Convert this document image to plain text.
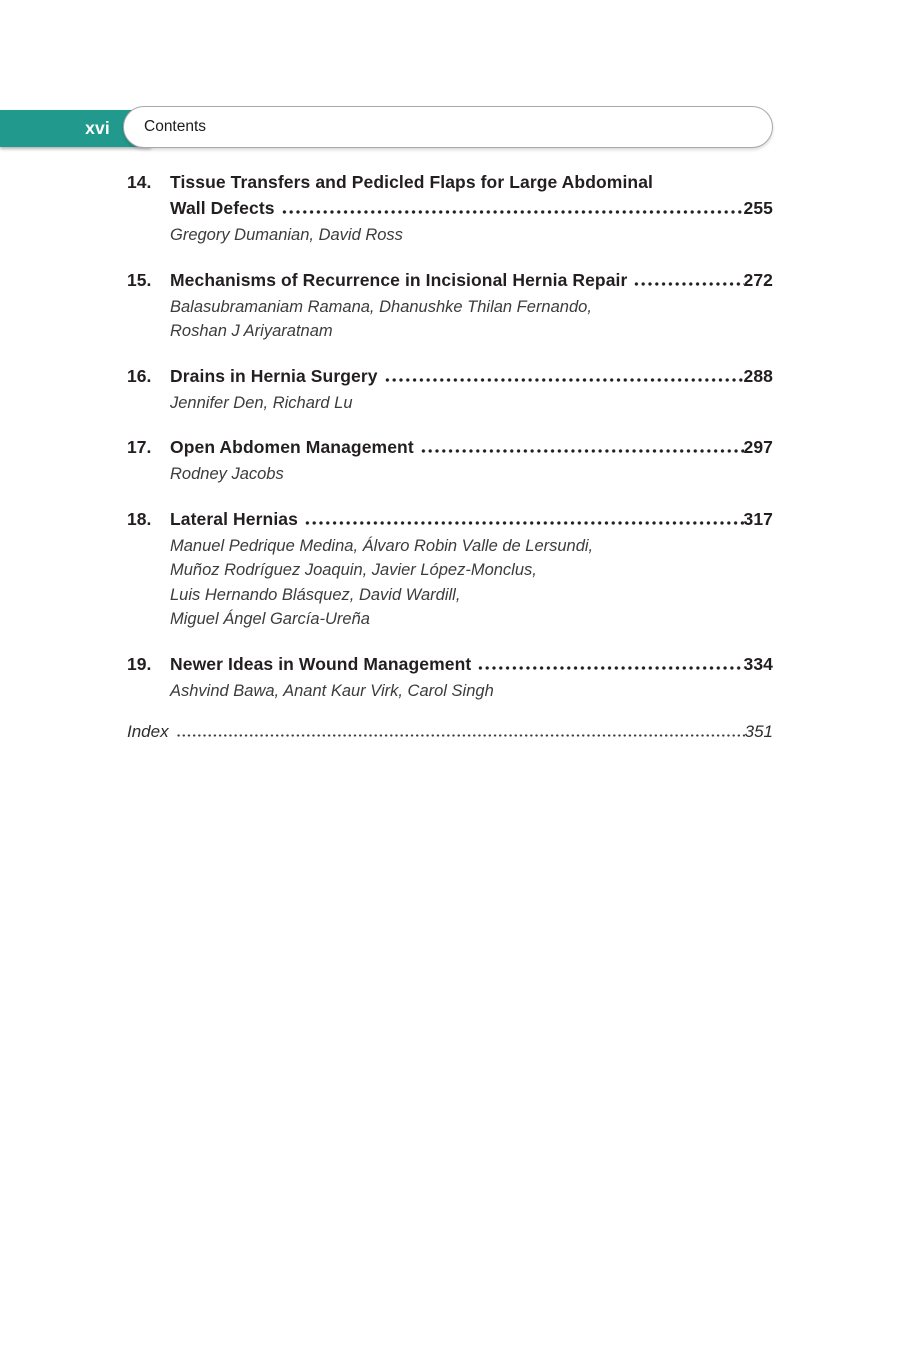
xvi Contents
14.	Tissue Transfers and Pedicled Flaps for Large Abdominal
Wall Defects	255
Gregory Dumanian, David Ross
15.	Mechanisms of Recurrence in Incisional Hernia Repair	272
Balasubramaniam Ramana, Dhanushke Thilan Fernando,
Roshan J Ariyaratnam
16.	Drains in Hernia Surgery	288
Jennifer Den, Richard Lu
17.	Open Abdomen Management	297
Rodney Jacobs
18.	Lateral Hernias	317
Manuel Pedrique Medina, Álvaro Robin Valle de Lersundi,
Muñoz Rodríguez Joaquin, Javier López-Monclus,
Luis Hernando Blásquez, David Wardill,
Miguel Ángel García-Ureña
19.	Newer Ideas in Wound Management	334
Ashvind Bawa, Anant Kaur Virk, Carol Singh
Index	351
